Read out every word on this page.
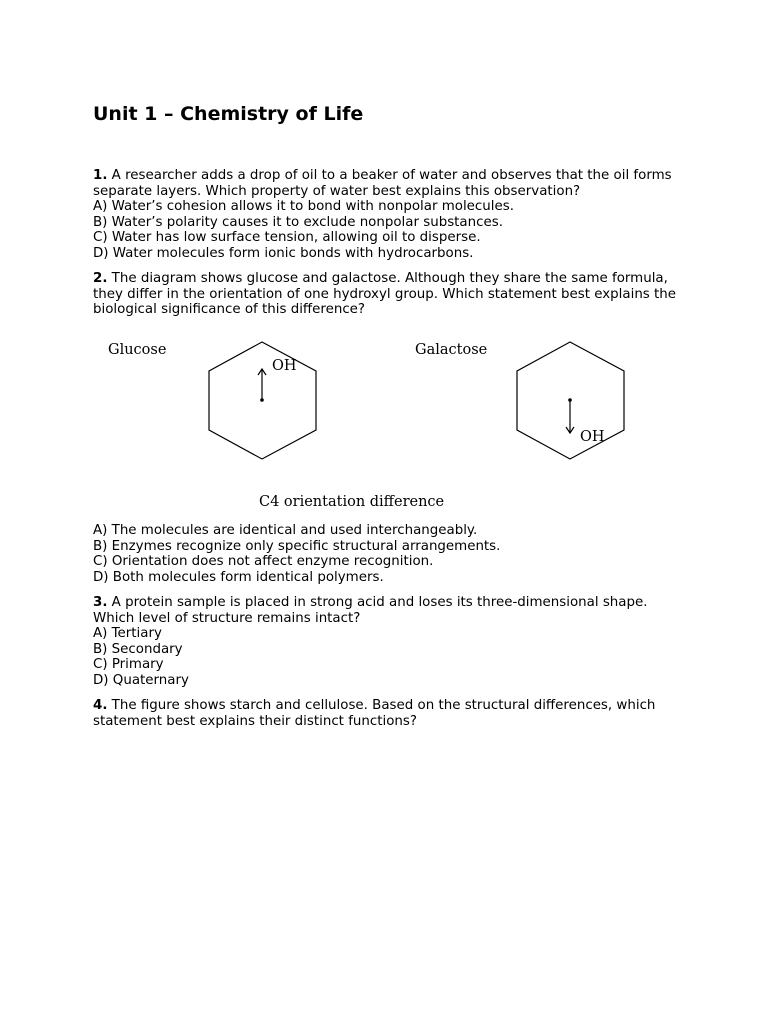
Unit 1 – Chemistry of Life

1. A researcher adds a drop of oil to a beaker of water and observes that the oil forms separate layers. Which property of water best explains this observation?

A) Water’s cohesion allows it to bond with nonpolar molecules.
B) Water’s polarity causes it to exclude nonpolar substances.
C) Water has low surface tension, allowing oil to disperse.
D) Water molecules form ionic bonds with hydrocarbons.

2. The diagram shows glucose and galactose. Although they share the same formula, they differ in the orientation of one hydroxyl group. Which statement best explains the biological significance of this difference?

Glucose
OH
Galactose
OH
C4 orientation difference
A) The molecules are identical and used interchangeably.
B) Enzymes recognize only specific structural arrangements.
C) Orientation does not affect enzyme recognition.
D) Both molecules form identical polymers.

3. A protein sample is placed in strong acid and loses its three-dimensional shape. Which level of structure remains intact?

A) Tertiary
B) Secondary
C) Primary
D) Quaternary

4. The figure shows starch and cellulose. Based on the structural differences, which statement best explains their distinct functions?
